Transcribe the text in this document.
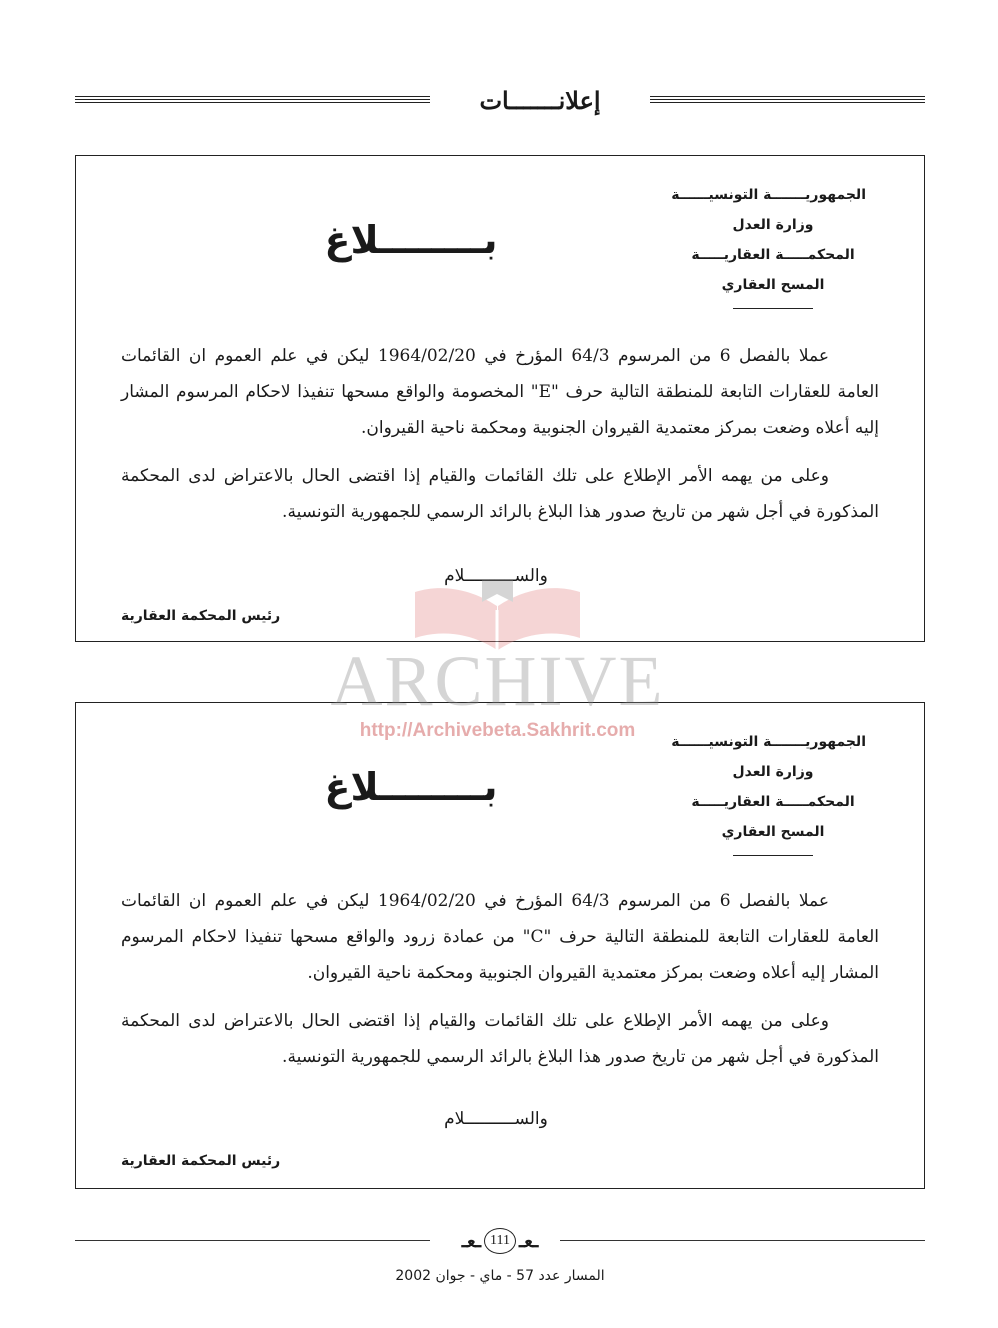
إعلانـــــــات
الجمهوريـــــــة التونسيــــــة
وزارة العدل
المحكمـــــة العقاريـــــة
المسح العقاري
بــــــــلاغ

عملا بالفصل 6 من المرسوم 64/3 المؤرخ في 1964/02/20 ليكن في علم العموم ان القائمات العامة للعقارات التابعة للمنطقة التالية حرف "E" المخصومة والواقع مسحها تنفيذا لاحكام المرسوم المشار إليه أعلاه وضعت بمركز معتمدية القيروان الجنوبية ومحكمة ناحية القيروان.

وعلى من يهمه الأمر الإطلاع على تلك القائمات والقيام إذا اقتضى الحال بالاعتراض لدى المحكمة المذكورة في أجل شهر من تاريخ صدور هذا البلاغ بالرائد الرسمي للجمهورية التونسية.

والســــــــــلام
رئيس المحكمة العقارية
الجمهوريـــــــة التونسيــــــة
وزارة العدل
المحكمـــــة العقاريـــــة
المسح العقاري
بــــــــلاغ

عملا بالفصل 6 من المرسوم 64/3 المؤرخ في 1964/02/20 ليكن في علم العموم ان القائمات العامة للعقارات التابعة للمنطقة التالية حرف "C" من عمادة زرود والواقع مسحها تنفيذا لاحكام المرسوم المشار إليه أعلاه وضعت بمركز معتمدية القيروان الجنوبية ومحكمة ناحية القيروان.

وعلى من يهمه الأمر الإطلاع على تلك القائمات والقيام إذا اقتضى الحال بالاعتراض لدى المحكمة المذكورة في أجل شهر من تاريخ صدور هذا البلاغ بالرائد الرسمي للجمهورية التونسية.

والســــــــــلام
رئيس المحكمة العقارية
ARCHIVE
http://Archivebeta.Sakhrit.com
ـعـ 111 ـعـ
المسار عدد 57 - ماي - جوان 2002
